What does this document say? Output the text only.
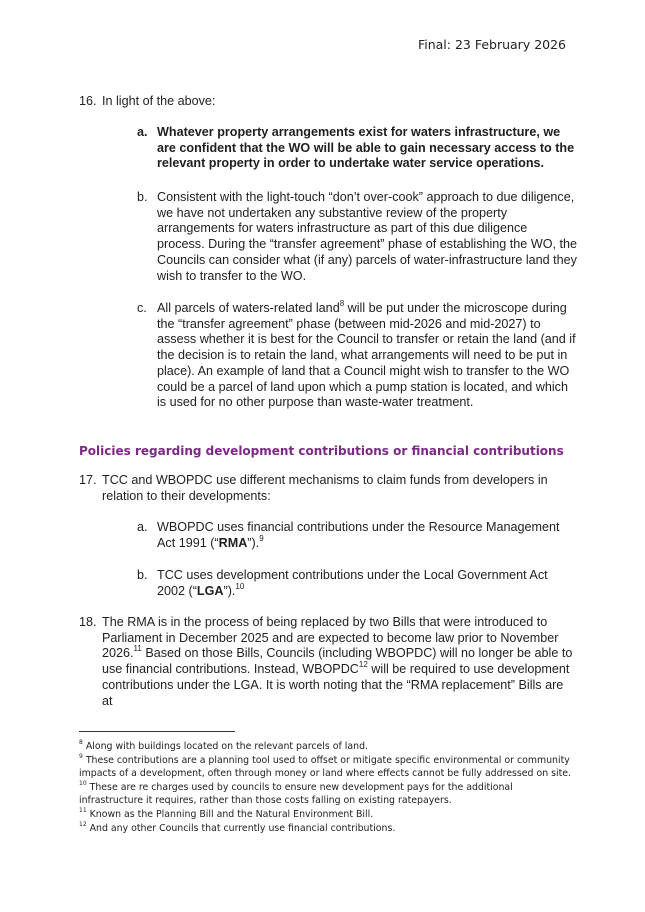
Final: 23 February 2026
16. In light of the above:
a. Whatever property arrangements exist for waters infrastructure, we are confident that the WO will be able to gain necessary access to the relevant property in order to undertake water service operations.
b. Consistent with the light-touch “don’t over-cook” approach to due diligence, we have not undertaken any substantive review of the property arrangements for waters infrastructure as part of this due diligence process. During the “transfer agreement” phase of establishing the WO, the Councils can consider what (if any) parcels of water-infrastructure land they wish to transfer to the WO.
c. All parcels of waters-related land$^8$ will be put under the microscope during the “transfer agreement” phase (between mid-2026 and mid-2027) to assess whether it is best for the Council to transfer or retain the land (and if the decision is to retain the land, what arrangements will need to be put in place). An example of land that a Council might wish to transfer to the WO could be a parcel of land upon which a pump station is located, and which is used for no other purpose than waste-water treatment.
Policies regarding development contributions or financial contributions
17. TCC and WBOPDC use different mechanisms to claim funds from developers in relation to their developments:
a. WBOPDC uses financial contributions under the Resource Management Act 1991 (“RMA”).$^9$
b. TCC uses development contributions under the Local Government Act 2002 (“LGA”).$^{10}$
18. The RMA is in the process of being replaced by two Bills that were introduced to Parliament in December 2025 and are expected to become law prior to November 2026.11 Based on those Bills, Councils (including WBOPDC) will no longer be able to use financial contributions. Instead, WBOPDC$^{12}$ will be required to use development contributions under the LGA. It is worth noting that the “RMA replacement” Bills are at
$^8$ Along with buildings located on the relevant parcels of land.
$^9$ These contributions are a planning tool used to offset or mitigate specific environmental or community impacts of a development, often through money or land where effects cannot be fully addressed on site.
$^{10}$ These are re charges used by councils to ensure new development pays for the additional infrastructure it requires, rather than those costs falling on existing ratepayers.
$^{11}$ Known as the Planning Bill and the Natural Environment Bill.
$^{12}$ And any other Councils that currently use financial contributions.
